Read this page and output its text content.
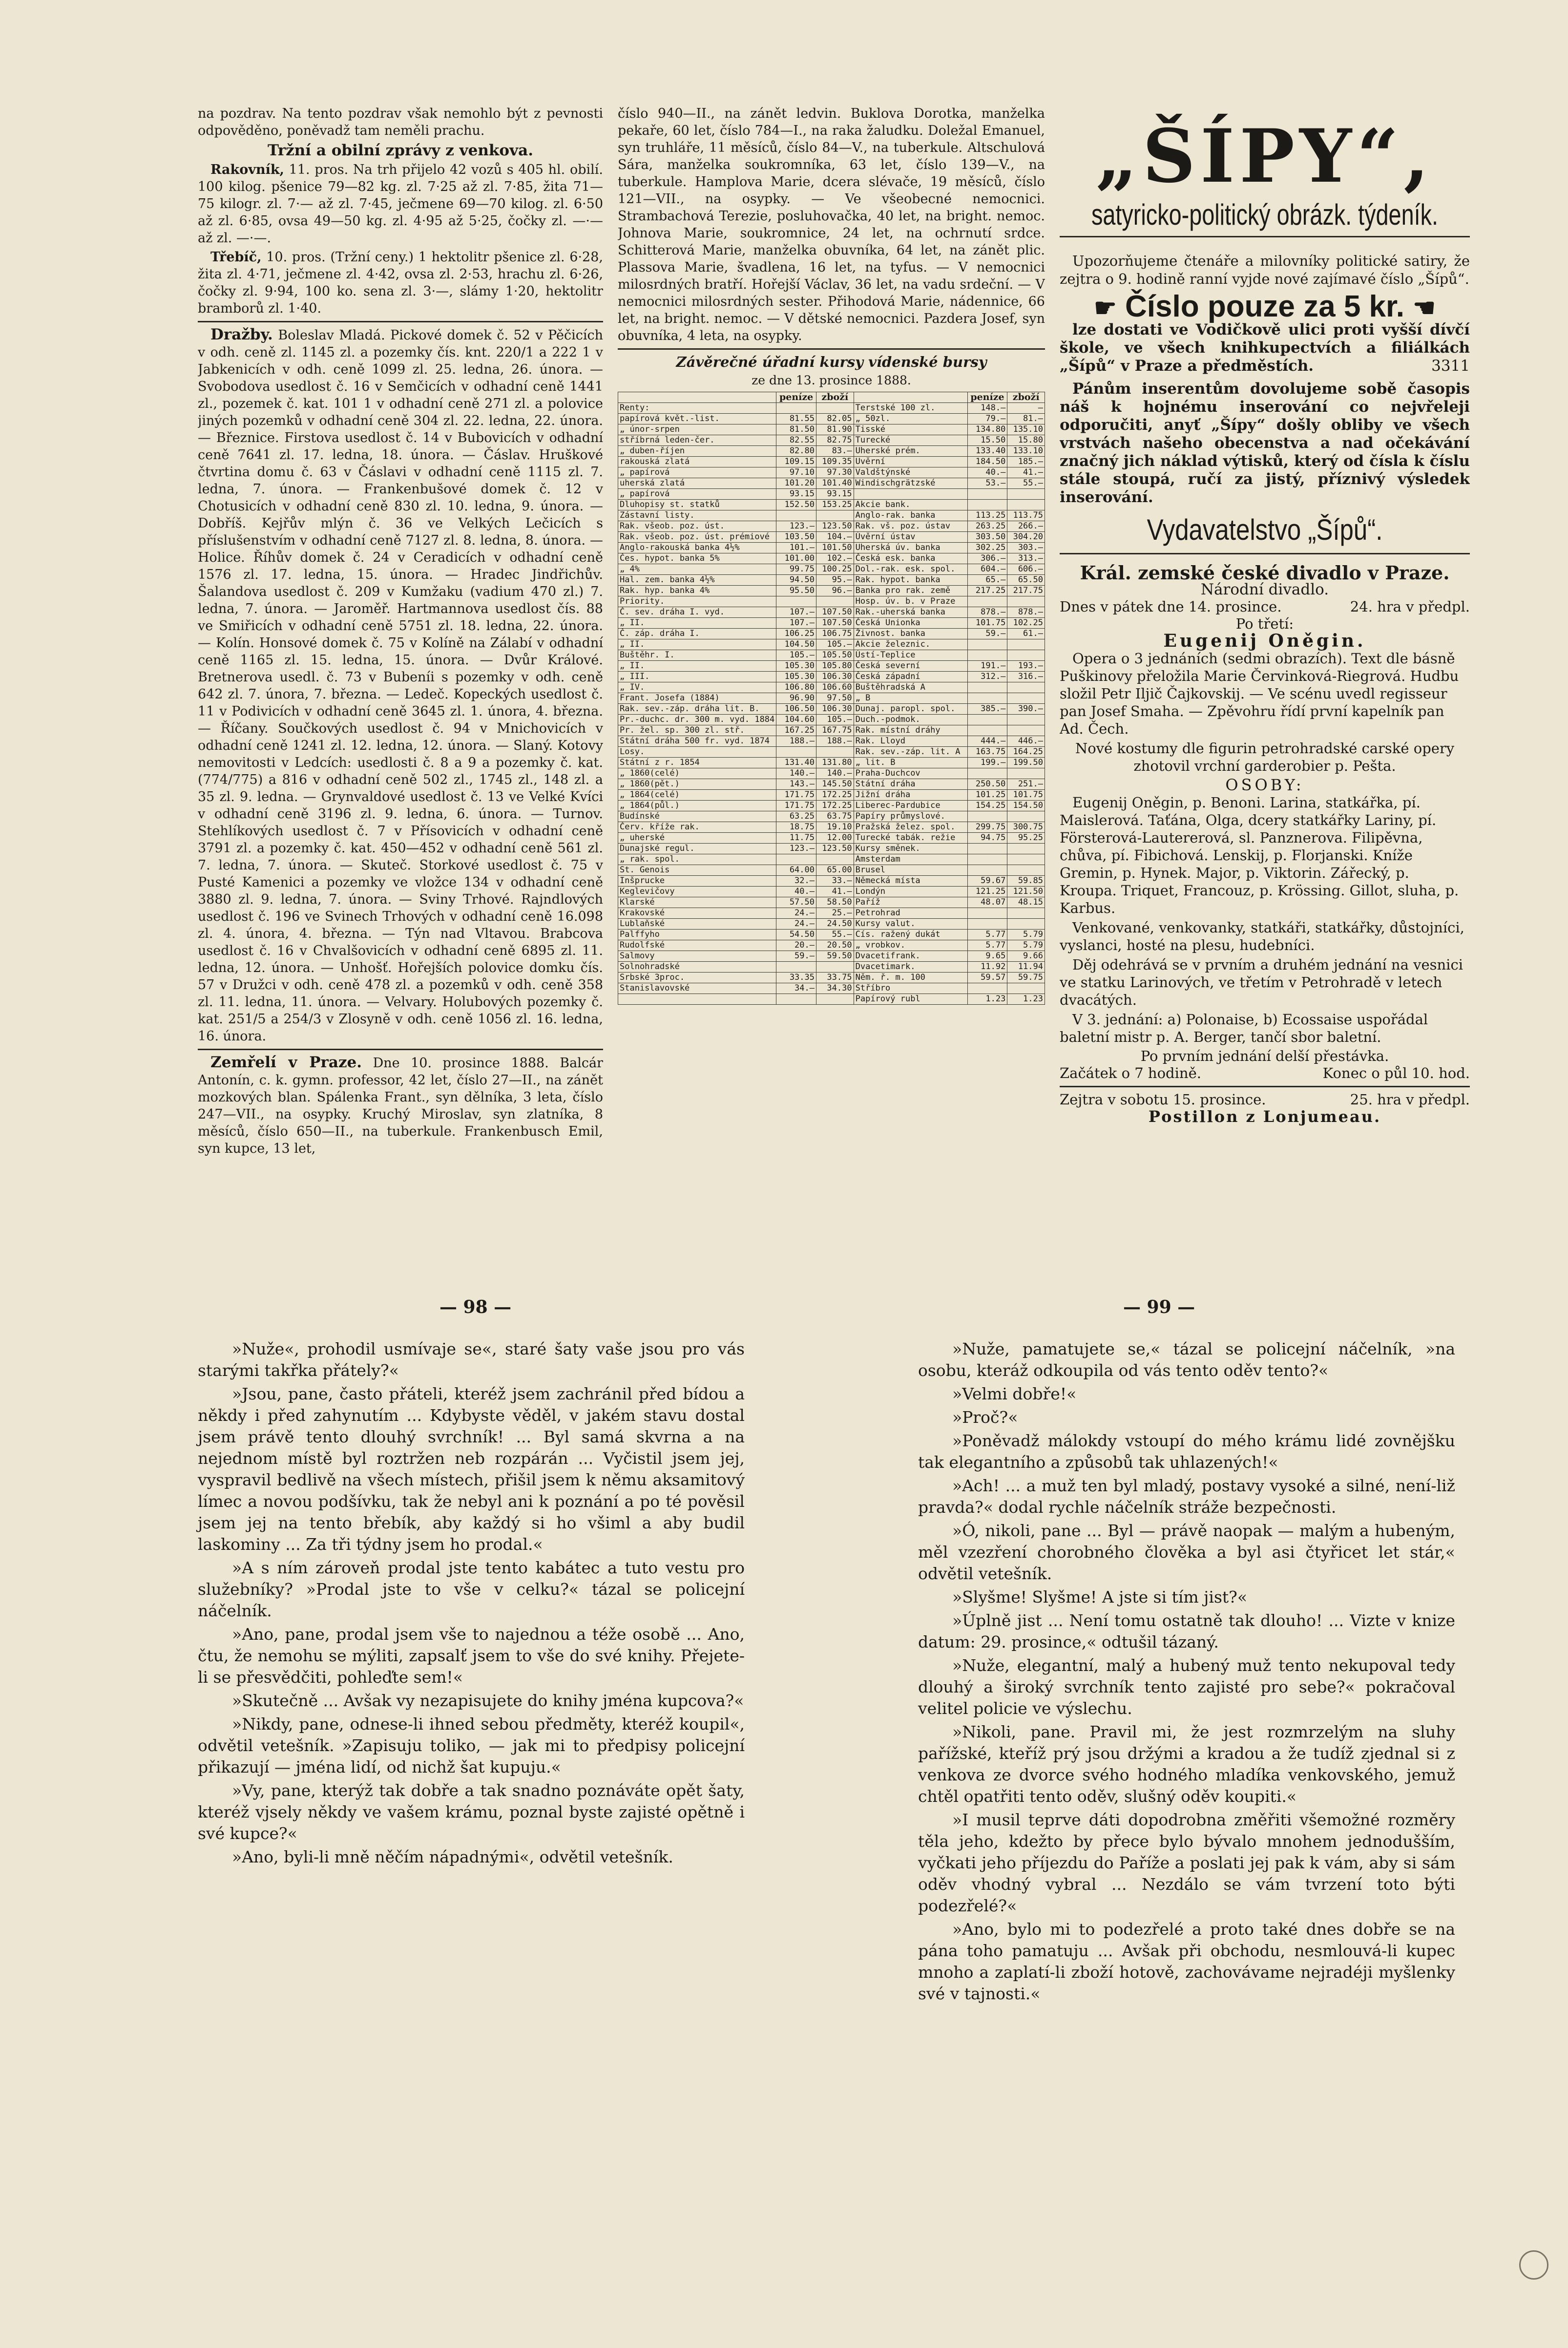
na pozdrav. Na tento pozdrav však nemohlo být z pevnosti odpověděno, poněvadž tam neměli prachu.

Tržní a obilní zprávy z venkova.

Rakovník, 11. pros. Na trh přijelo 42 vozů s 405 hl. obilí. 100 kilog. pšenice 79—82 kg. zl. 7·25 až zl. 7·85, žita 71—75 kilogr. zl. 7·— až zl. 7·45, ječmene 69—70 kilog. zl. 6·50 až zl. 6·85, ovsa 49—50 kg. zl. 4·95 až 5·25, čočky zl. —·— až zl. —·—.

Třebíč, 10. pros. (Tržní ceny.) 1 hektolitr pšenice zl. 6·28, žita zl. 4·71, ječmene zl. 4·42, ovsa zl. 2·53, hrachu zl. 6·26, čočky zl. 9·94, 100 ko. sena zl. 3·—, slámy 1·20, hektolitr bramborů zl. 1·40.

Dražby. Boleslav Mladá. Pickové domek č. 52 v Pěčicích v odh. ceně zl. 1145 zl. a pozemky čís. knt. 220/1 a 222 1 v Jabkenicích v odh. ceně 1099 zl. 25. ledna, 26. února. — Svobodova usedlost č. 16 v Semčicích v odhadní ceně 1441 zl., pozemek č. kat. 101 1 v odhadní ceně 271 zl. a polovice jiných pozemků v odhadní ceně 304 zl. 22. ledna, 22. února. — Březnice. Firstova usedlost č. 14 v Bubovicích v odhadní ceně 7641 zl. 17. ledna, 18. února. — Čáslav. Hruškové čtvrtina domu č. 63 v Čáslavi v odhadní ceně 1115 zl. 7. ledna, 7. února. — Frankenbušové domek č. 12 v Chotusicích v odhadní ceně 830 zl. 10. ledna, 9. února. — Dobříš. Kejřův mlýn č. 36 ve Velkých Lečicích s příslušenstvím v odhadní ceně 7127 zl. 8. ledna, 8. února. — Holice. Říhův domek č. 24 v Ceradicích v odhadní ceně 1576 zl. 17. ledna, 15. února. — Hradec Jindřichův. Šalandova usedlost č. 209 v Kumžaku (vadium 470 zl.) 7. ledna, 7. února. — Jaroměř. Hartmannova usedlost čís. 88 ve Smiřicích v odhadní ceně 5751 zl. 18. ledna, 22. února. — Kolín. Honsové domek č. 75 v Kolíně na Zálabí v odhadní ceně 1165 zl. 15. ledna, 15. února. — Dvůr Králové. Bretnerova usedl. č. 73 v Bubeníi s pozemky v odh. ceně 642 zl. 7. února, 7. března. — Ledeč. Kopeckých usedlost č. 11 v Podivicích v odhadní ceně 3645 zl. 1. února, 4. března. — Říčany. Součkových usedlost č. 94 v Mnichovicích v odhadní ceně 1241 zl. 12. ledna, 12. února. — Slaný. Kotovy nemovitosti v Ledcích: usedlosti č. 8 a 9 a pozemky č. kat. (774/775) a 816 v odhadní ceně 502 zl., 1745 zl., 148 zl. a 35 zl. 9. ledna. — Grynvaldové usedlost č. 13 ve Velké Kvíci v odhadní ceně 3196 zl. 9. ledna, 6. února. — Turnov. Stehlíkových usedlost č. 7 v Přísovicích v odhadní ceně 3791 zl. a pozemky č. kat. 450—452 v odhadní ceně 561 zl. 7. ledna, 7. února. — Skuteč. Storkové usedlost č. 75 v Pusté Kamenici a pozemky ve vložce 134 v odhadní ceně 3880 zl. 9. ledna, 7. února. — Sviny Trhové. Rajndlových usedlost č. 196 ve Svinech Trhových v odhadní ceně 16.098 zl. 4. února, 4. března. — Týn nad Vltavou. Brabcova usedlost č. 16 v Chvalšovicích v odhadní ceně 6895 zl. 11. ledna, 12. února. — Unhošť. Hořejších polovice domku čís. 57 v Družci v odh. ceně 478 zl. a pozemků v odh. ceně 358 zl. 11. ledna, 11. února. — Velvary. Holubových pozemky č. kat. 251/5 a 254/3 v Zlosyně v odh. ceně 1056 zl. 16. ledna, 16. února.

Zemřelí v Praze. Dne 10. prosince 1888. Balcár Antonín, c. k. gymn. professor, 42 let, číslo 27—II., na zánět mozkových blan. Spálenka Frant., syn dělníka, 3 leta, číslo 247—VII., na osypky. Kruchý Miroslav, syn zlatníka, 8 měsíců, číslo 650—II., na tuberkule. Frankenbusch Emil, syn kupce, 13 let,

číslo 940—II., na zánět ledvin. Buklova Dorotka, manželka pekaře, 60 let, číslo 784—I., na raka žaludku. Doležal Emanuel, syn truhláře, 11 měsíců, číslo 84—V., na tuberkule. Altschulová Sára, manželka soukromníka, 63 let, číslo 139—V., na tuberkule. Hamplova Marie, dcera slévače, 19 měsíců, číslo 121—VII., na osypky. — Ve všeobecné nemocnici. Strambachová Terezie, posluhovačka, 40 let, na bright. nemoc. Johnova Marie, soukromnice, 24 let, na ochrnutí srdce. Schitterová Marie, manželka obuvníka, 64 let, na zánět plic. Plassova Marie, švadlena, 16 let, na tyfus. — V nemocnici milosrdných bratří. Hořejší Václav, 36 let, na vadu srdeční. — V nemocnici milosrdných sester. Přihodová Marie, nádennice, 66 let, na bright. nemoc. — V dětské nemocnici. Pazdera Josef, syn obuvníka, 4 leta, na osypky.

Závěrečné úřadní kursy vídenské bursy
ze dne 13. prosince 1888.
	peníze	zboží		peníze	zboží
Renty:			Terstské 100 zl.	148.—	—
papírová květ.-list.	81.55	82.05	„ 50zl.	79.—	81.—
„ únor-srpen	81.50	81.90	Tisské	134.80	135.10
stříbrná leden-čer.	82.55	82.75	Turecké	15.50	15.80
„ duben-říjen	82.80	83.—	Uherské prém.	133.40	133.10
rakouská zlatá	109.15	109.35	Uvěrní	184.50	185.—
„ papírová	97.10	97.30	Valdštýnské	40.—	41.—
uherská zlatá	101.20	101.40	Windischgrätzské	53.—	55.—
„ papírová	93.15	93.15			
Dluhopisy st. statků	152.50	153.25	Akcie bank.		
Zástavní listy.			Anglo-rak. banka	113.25	113.75
Rak. všeob. poz. úst.	123.—	123.50	Rak. vš. poz. ústav	263.25	266.—
Rak. všeob. poz. úst. prémiové	103.50	104.—	Úvěrní ústav	303.50	304.20
Anglo-rakouská banka 4½%	101.—	101.50	Uherská úv. banka	302.25	303.—
Čes. hypot. banka 5%	101.00	102.—	Česká esk. banka	306.—	313.—
„ 4%	99.75	100.25	Dol.-rak. esk. spol.	604.—	606.—
Hal. zem. banka 4½%	94.50	95.—	Rak. hypot. banka	65.—	65.50
Rak. hyp. banka 4%	95.50	96.—	Banka pro rak. země	217.25	217.75
Priority.			Hosp. úv. b. v Praze		
Č. sev. dráha I. vyd.	107.—	107.50	Rak.-uherská banka	878.—	878.—
„ II.	107.—	107.50	Česká Unionka	101.75	102.25
Č. záp. dráha I.	106.25	106.75	Živnost. banka	59.—	61.—
„ II.	104.50	105.—	Akcie železnic.		
Buštěhr. I.	105.—	105.50	Ústí-Teplice		
„ II.	105.30	105.80	Česká severní	191.—	193.—
„ III.	105.30	106.30	Česká západní	312.—	316.—
„ IV.	106.80	106.60	Buštěhradská A		
Frant. Josefa (1884)	96.90	97.50	„ B		
Rak. sev.-záp. dráha lit. B.	106.50	106.30	Dunaj. paropl. spol.	385.—	390.—
Pr.-duchc. dr. 300 m. vyd. 1884	104.60	105.—	Duch.-podmok.		
Pr. žel. sp. 300 zl. stř.	167.25	167.75	Rak. místní dráhy		
Státní dráha 500 fr. vyd. 1874	188.—	188.—	Rak. Lloyd	444.—	446.—
Losy.			Rak. sev.-záp. lit. A	163.75	164.25
Státní z r. 1854	131.40	131.80	„ lit. B	199.—	199.50
„ 1860(celé)	140.—	140.—	Praha-Duchcov		
„ 1860(pět.)	143.—	145.50	Státní dráha	250.50	251.—
„ 1864(celé)	171.75	172.25	Jižní dráha	101.25	101.75
„ 1864(půl.)	171.75	172.25	Liberec-Pardubice	154.25	154.50
Budínské	63.25	63.75	Papíry průmyslové.		
Červ. kříže rak.	18.75	19.10	Pražská želez. spol.	299.75	300.75
„ uherské	11.75	12.00	Turecké tabák. režie	94.75	95.25
Dunajské regul.	123.—	123.50	Kursy směnek.		
„ rak. spol.			Amsterdam		
St. Genois	64.00	65.00	Brusel		
Inšprucke	32.—	33.—	Německá místa	59.67	59.85
Keglevičovy	40.—	41.—	Londýn	121.25	121.50
Klarské	57.50	58.50	Paříž	48.07	48.15
Krakovské	24.—	25.—	Petrohrad		
Lublaňské	24.—	24.50	Kursy valut.		
Palffyho	54.50	55.—	Cís. ražený dukát	5.77	5.79
Rudolfské	20.—	20.50	„ vrobkov.	5.77	5.79
Salmovy	59.—	59.50	Dvacetifrank.	9.65	9.66
Solnohradské			Dvacetimark.	11.92	11.94
Srbské 3proc.	33.35	33.75	Něm. ř. m. 100	59.57	59.75
Stanislavovské	34.—	34.30	Stříbro		
			Papírový rubl	1.23	1.23
„ŠÍPY“,
satyricko-politický obrázk. týdeník.

Upozorňujeme čtenáře a milovníky politické satiry, že zejtra o 9. hodině ranní vyjde nové zajímavé číslo „Šípů“.

☛ Číslo pouze za 5 kr. ☚

lze dostati ve Vodičkově ulici proti vyšší dívčí škole, ve všech knihkupectvích a filiálkách „Šípů“ v Praze a předměstích.	3311

Pánům inserentům dovolujeme sobě časopis náš k hojnému inserování co nejvřeleji odporučiti, anyť „Šípy“ došly obliby ve všech vrstvách našeho obecenstva a nad očekávání značný jich náklad výtisků, který od čísla k číslu stále stoupá, ručí za jistý, příznivý výsledek inserování.

Vydavatelstvo „Šípů“.
Král. zemské české divadlo v Praze.
Národní divadlo.
Dnes v pátek dne 14. prosince.	24. hra v předpl.
Po třetí:
Eugenij Oněgin.

Opera o 3 jednáních (sedmi obrazích). Text dle básně Puškinovy přeložila Marie Červinková-Riegrová. Hudbu složil Petr Iljič Čajkovskij. — Ve scénu uvedl regisseur pan Josef Smaha. — Zpěvohru řídí první kapelník pan Ad. Čech.

Nové kostumy dle figurin petrohradské carské opery zhotovil vrchní garderobier p. Pešta.

OSOBY:

Eugenij Oněgin, p. Benoni. Larina, statkářka, pí. Maislerová. Taťána, Olga, dcery statkářky Lariny, pí. Försterová-Lautererová, sl. Panznerova. Filipěvna, chůva, pí. Fibichová. Lenskij, p. Florjanski. Kníže Gremin, p. Hynek. Major, p. Viktorin. Zářecký, p. Kroupa. Triquet, Francouz, p. Krössing. Gillot, sluha, p. Karbus.

Venkované, venkovanky, statkáři, statkářky, důstojníci, vyslanci, hosté na plesu, hudebníci.

Děj odehrává se v prvním a druhém jednání na vesnici ve statku Larinových, ve třetím v Petrohradě v letech dvacátých.

V 3. jednání: a) Polonaise, b) Ecossaise uspořádal baletní mistr p. A. Berger, tančí sbor baletní.

Po prvním jednání delší přestávka.
Začátek o 7 hodině.	Konec o půl 10. hod.
Zejtra v sobotu 15. prosince.	25. hra v předpl.
Postillon z Lonjumeau.
— 98 —	— 99 —

»Nuže«, prohodil usmívaje se«, staré šaty vaše jsou pro vás starými takřka přátely?«

»Jsou, pane, často přáteli, kteréž jsem zachránil před bídou a někdy i před zahynutím ... Kdybyste věděl, v jakém stavu dostal jsem právě tento dlouhý svrchník! ... Byl samá skvrna a na nejednom místě byl roztržen neb rozpárán ... Vyčistil jsem jej, vyspravil bedlivě na všech místech, přišil jsem k němu aksamitový límec a novou podšívku, tak že nebyl ani k poznání a po té pověsil jsem jej na tento břebík, aby každý si ho všiml a aby budil laskominy ... Za tři týdny jsem ho prodal.«

»A s ním zároveň prodal jste tento kabátec a tuto vestu pro služebníky? »Prodal jste to vše v celku?« tázal se policejní náčelník.

»Ano, pane, prodal jsem vše to najednou a téže osobě ... Ano, čtu, že nemohu se mýliti, zapsalť jsem to vše do své knihy. Přejete-li se přesvědčiti, pohleďte sem!«

»Skutečně ... Avšak vy nezapisujete do knihy jména kupcova?«

»Nikdy, pane, odnese-li ihned sebou předměty, kteréž koupil«, odvětil vetešník. »Zapisuju toliko, — jak mi to předpisy policejní přikazují — jména lidí, od nichž šat kupuju.«

»Vy, pane, kterýž tak dobře a tak snadno poznáváte opět šaty, kteréž vjsely někdy ve vašem krámu, poznal byste zajisté opětně i své kupce?«

»Ano, byli-li mně něčím nápadnými«, odvětil vetešník.

»Nuže, pamatujete se,« tázal se policejní náčelník, »na osobu, kteráž odkoupila od vás tento oděv tento?«

»Velmi dobře!«

»Proč?«

»Poněvadž málokdy vstoupí do mého krámu lidé zovnějšku tak elegantního a způsobů tak uhlazených!«

»Ach! ... a muž ten byl mladý, postavy vysoké a silné, není-liž pravda?« dodal rychle náčelník stráže bezpečnosti.

»Ó, nikoli, pane ... Byl — právě naopak — malým a hubeným, měl vzezření chorobného člověka a byl asi čtyřicet let stár,« odvětil vetešník.

»Slyšme! Slyšme! A jste si tím jist?«

»Úplně jist ... Není tomu ostatně tak dlouho! ... Vizte v knize datum: 29. prosince,« odtušil tázaný.

»Nuže, elegantní, malý a hubený muž tento nekupoval tedy dlouhý a široký svrchník tento zajisté pro sebe?« pokračoval velitel policie ve výslechu.

»Nikoli, pane. Pravil mi, že jest rozmrzelým na sluhy pařížské, kteříž prý jsou držými a kradou a že tudíž zjednal si z venkova ze dvorce svého hodného mladíka venkovského, jemuž chtěl opatřiti tento oděv, slušný oděv koupiti.«

»I musil teprve dáti dopodrobna změřiti všemožné rozměry těla jeho, kdežto by přece bylo bývalo mnohem jednodušším, vyčkati jeho příjezdu do Paříže a poslati jej pak k vám, aby si sám oděv vhodný vybral ... Nezdálo se vám tvrzení toto býti podezřelé?«

»Ano, bylo mi to podezřelé a proto také dnes dobře se na pána toho pamatuju ... Avšak při obchodu, nesmlouvá-li kupec mnoho a zaplatí-li zboží hotově, zachovávame nejradéji myšlenky své v tajnosti.«
